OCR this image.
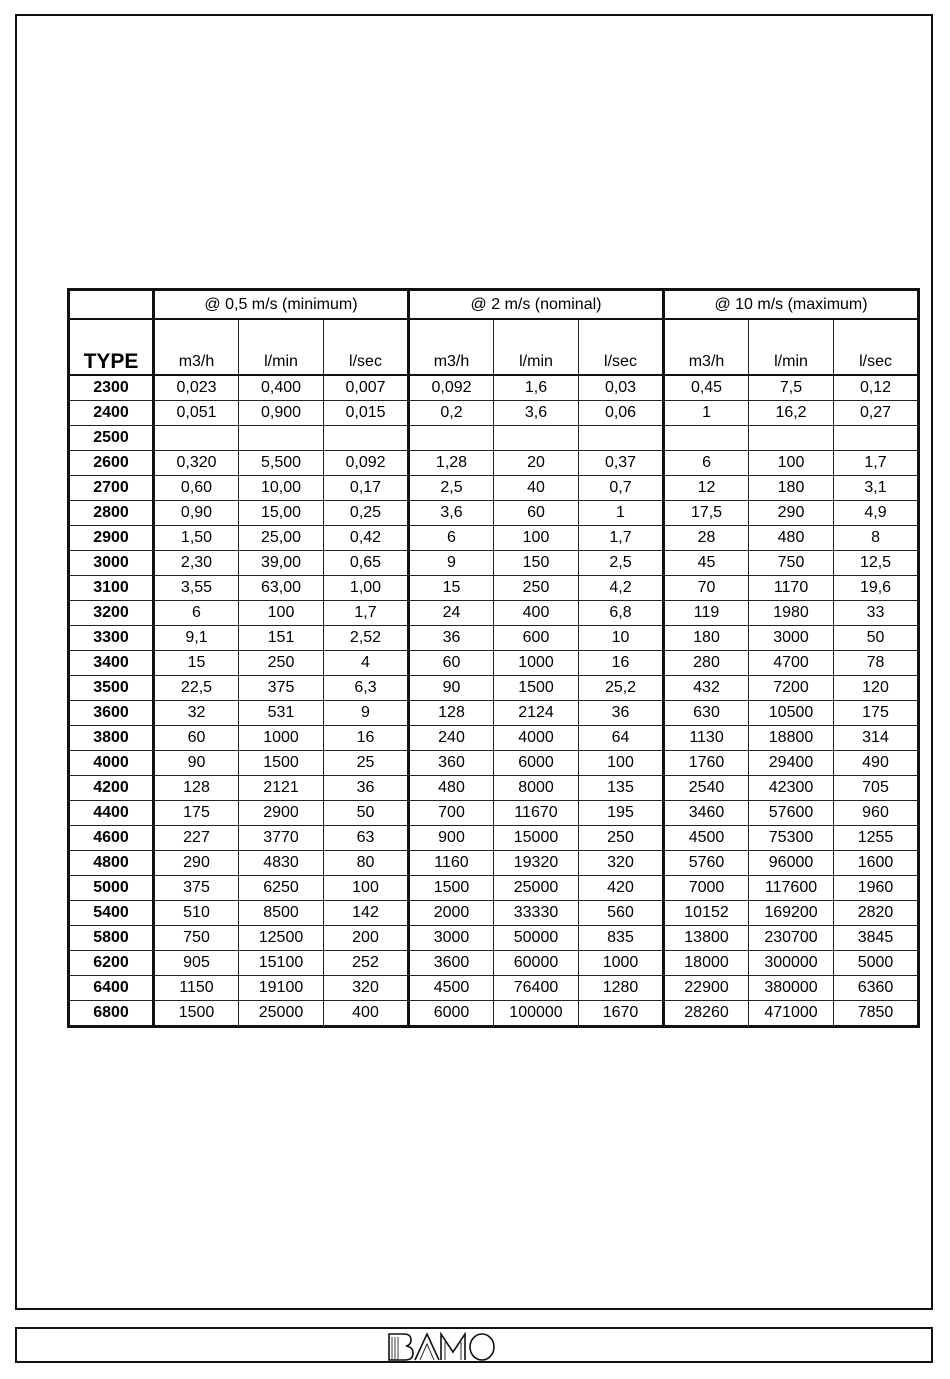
	@ 0,5 m/s (minimum)			@ 2 m/s (nominal)			@ 10 m/s (maximum)		
TYPE	m3/h	l/min	l/sec	m3/h	l/min	l/sec	m3/h	l/min	l/sec
2300	0,023	0,400	0,007	0,092	1,6	0,03	0,45	7,5	0,12
2400	0,051	0,900	0,015	0,2	3,6	0,06	1	16,2	0,27
2500									
2600	0,320	5,500	0,092	1,28	20	0,37	6	100	1,7
2700	0,60	10,00	0,17	2,5	40	0,7	12	180	3,1
2800	0,90	15,00	0,25	3,6	60	1	17,5	290	4,9
2900	1,50	25,00	0,42	6	100	1,7	28	480	8
3000	2,30	39,00	0,65	9	150	2,5	45	750	12,5
3100	3,55	63,00	1,00	15	250	4,2	70	1170	19,6
3200	6	100	1,7	24	400	6,8	119	1980	33
3300	9,1	151	2,52	36	600	10	180	3000	50
3400	15	250	4	60	1000	16	280	4700	78
3500	22,5	375	6,3	90	1500	25,2	432	7200	120
3600	32	531	9	128	2124	36	630	10500	175
3800	60	1000	16	240	4000	64	1130	18800	314
4000	90	1500	25	360	6000	100	1760	29400	490
4200	128	2121	36	480	8000	135	2540	42300	705
4400	175	2900	50	700	11670	195	3460	57600	960
4600	227	3770	63	900	15000	250	4500	75300	1255
4800	290	4830	80	1160	19320	320	5760	96000	1600
5000	375	6250	100	1500	25000	420	7000	117600	1960
5400	510	8500	142	2000	33330	560	10152	169200	2820
5800	750	12500	200	3000	50000	835	13800	230700	3845
6200	905	15100	252	3600	60000	1000	18000	300000	5000
6400	1150	19100	320	4500	76400	1280	22900	380000	6360
6800	1500	25000	400	6000	100000	1670	28260	471000	7850
